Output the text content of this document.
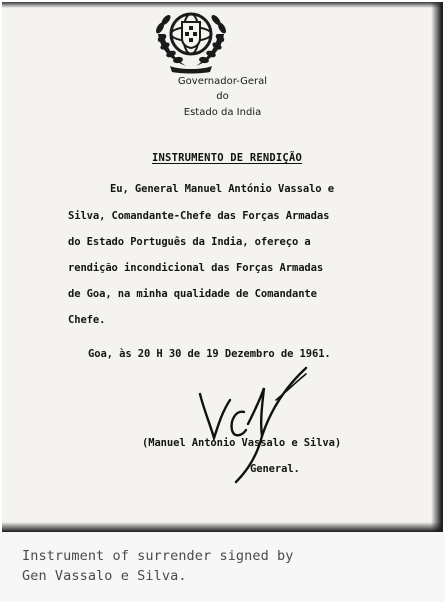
Governador-Geral
do
Estado da India
INSTRUMENTO DE RENDIÇÃO
Eu, General Manuel António Vassalo e
Silva, Comandante-Chefe das Forças Armadas
do Estado Português da India, ofereço a
rendição incondicional das Forças Armadas
de Goa, na minha qualidade de Comandante
Chefe.
Goa, às 20 H 30 de 19 Dezembro de 1961.
(Manuel António Vassalo e Silva)
General.
Instrument of surrender signed by
Gen Vassalo e Silva.
